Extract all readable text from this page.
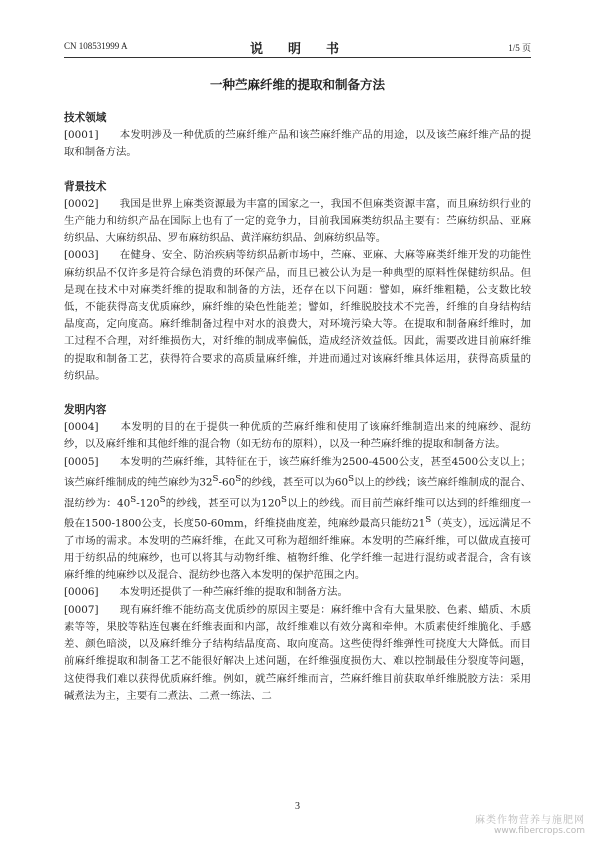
CN 108531999 A	说　明　书	1/5 页
一种苎麻纤维的提取和制备方法

技术领域

[0001]　　本发明涉及一种优质的苎麻纤维产品和该苎麻纤维产品的用途，以及该苎麻纤维产品的提取和制备方法。

背景技术

[0002]　　我国是世界上麻类资源最为丰富的国家之一，我国不但麻类资源丰富，而且麻纺织行业的生产能力和纺织产品在国际上也有了一定的竞争力，目前我国麻类纺织品主要有：苎麻纺织品、亚麻纺织品、大麻纺织品、罗布麻纺织品、黄洋麻纺织品、剑麻纺织品等。

[0003]　　在健身、安全、防治疾病等纺织品新市场中，苎麻、亚麻、大麻等麻类纤维开发的功能性麻纺织品不仅许多是符合绿色消费的环保产品，而且已被公认为是一种典型的原料性保健纺织品。但是现在技术中对麻类纤维的提取和制备的方法，还存在以下问题：譬如，麻纤维粗糙，公支数比较低，不能获得高支优质麻纱，麻纤维的染色性能差；譬如，纤维脱胶技术不完善，纤维的自身结构结晶度高，定向度高。麻纤维制备过程中对水的浪费大，对环境污染大等。在提取和制备麻纤维时，加工过程不合理，对纤维损伤大，对纤维的制成率偏低，造成经济效益低。因此，需要改进目前麻纤维的提取和制备工艺，获得符合要求的高质量麻纤维，并进而通过对该麻纤维具体运用，获得高质量的纺织品。

发明内容

[0004]　　本发明的目的在于提供一种优质的苎麻纤维和使用了该麻纤维制造出来的纯麻纱、混纺纱，以及麻纤维和其他纤维的混合物（如无纺布的原料），以及一种苎麻纤维的提取和制备方法。

[0005]　　本发明的苎麻纤维，其特征在于，该苎麻纤维为2500-4500公支，甚至4500公支以上；该苎麻纤维制成的纯苎麻纱为$32^S-60^S$的纱线，甚至可以为$60^S$以上的纱线；该苎麻纤维制成的混合、混纺纱为：$40^S-120^S$的纱线，甚至可以为$120^S$以上的纱线。而目前苎麻纤维可以达到的纤维细度一般在1500-1800公支，长度50-60mm，纤维挠曲度差，纯麻纱最高只能纺$21^S$（英支），远远满足不了市场的需求。本发明的苎麻纤维，在此又可称为超细纤维麻。本发明的苎麻纤维，可以做成直接可用于纺织品的纯麻纱，也可以将其与动物纤维、植物纤维、化学纤维一起进行混纺或者混合，含有该麻纤维的纯麻纱以及混合、混纺纱也落入本发明的保护范围之内。

[0006]　　本发明还提供了一种苎麻纤维的提取和制备方法。

[0007]　　现有麻纤维不能纺高支优质纱的原因主要是：麻纤维中含有大量果胶、色素、蜡质、木质素等等，果胶等粘连包裹在纤维表面和内部，故纤维难以有效分离和牵伸。木质素使纤维脆化、手感差、颜色暗淡，以及麻纤维分子结构结晶度高、取向度高。这些使得纤维弹性可挠度大大降低。而目前麻纤维提取和制备工艺不能很好解决上述问题，在纤维强度损伤大、难以控制最佳分裂度等问题，这使得我们难以获得优质麻纤维。例如，就苎麻纤维而言，苎麻纤维目前获取单纤维脱胶方法：采用碱煮法为主，主要有二煮法、二煮一练法、二

3
麻类作物营养与施肥网
www.fibercrops.com
